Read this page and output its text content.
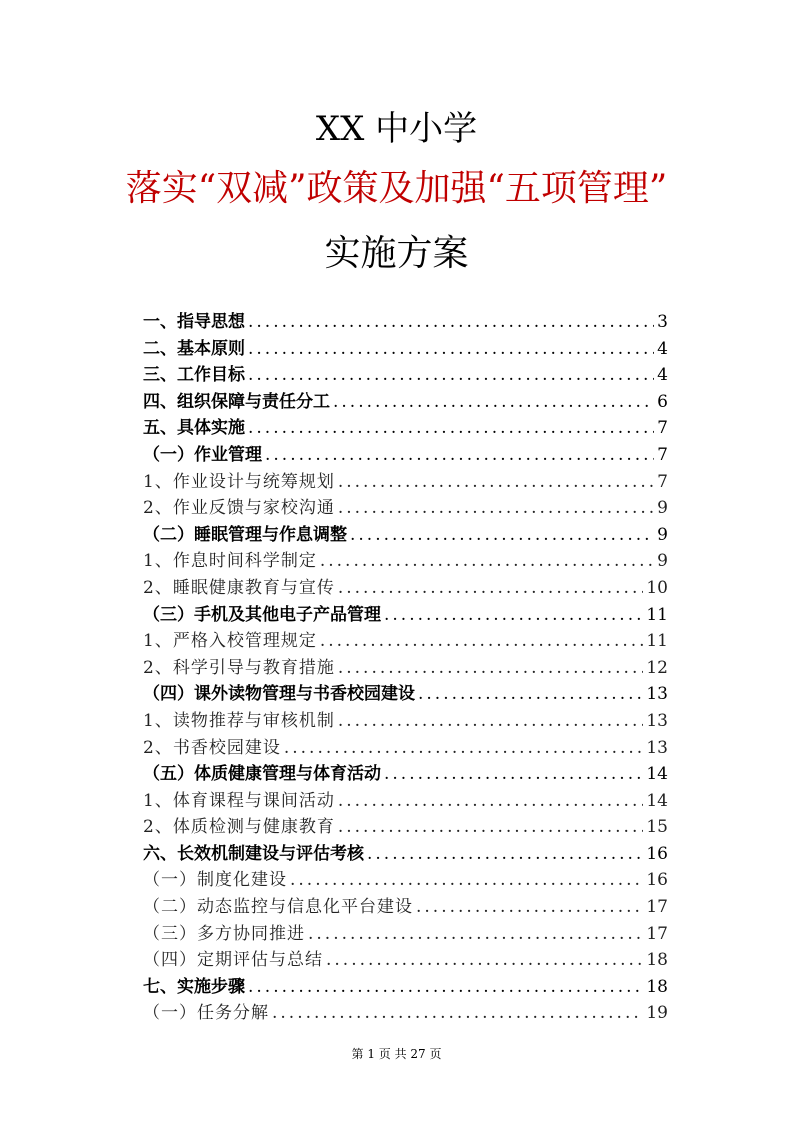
XX 中小学
落实“双减”政策及加强“五项管理”
实施方案
一、指导思想 .....	3
二、基本原则 .....	4
三、工作目标 .....	4
四、组织保障与责任分工 .....	6
五、具体实施 .....	7
（一）作业管理 .....	7
1、作业设计与统筹规划 .....	7
2、作业反馈与家校沟通 .....	9
（二）睡眠管理与作息调整 .....	9
1、作息时间科学制定 .....	9
2、睡眠健康教育与宣传 .....	10
（三）手机及其他电子产品管理 .....	11
1、严格入校管理规定 .....	11
2、科学引导与教育措施 .....	12
（四）课外读物管理与书香校园建设 .....	13
1、读物推荐与审核机制 .....	13
2、书香校园建设 .....	13
（五）体质健康管理与体育活动 .....	14
1、体育课程与课间活动 .....	14
2、体质检测与健康教育 .....	15
六、长效机制建设与评估考核 .....	16
（一）制度化建设 .....	16
（二）动态监控与信息化平台建设 .....	17
（三）多方协同推进 .....	17
（四）定期评估与总结 .....	18
七、实施步骤 .....	18
（一）任务分解 .....	19
第 1 页 共 27 页
